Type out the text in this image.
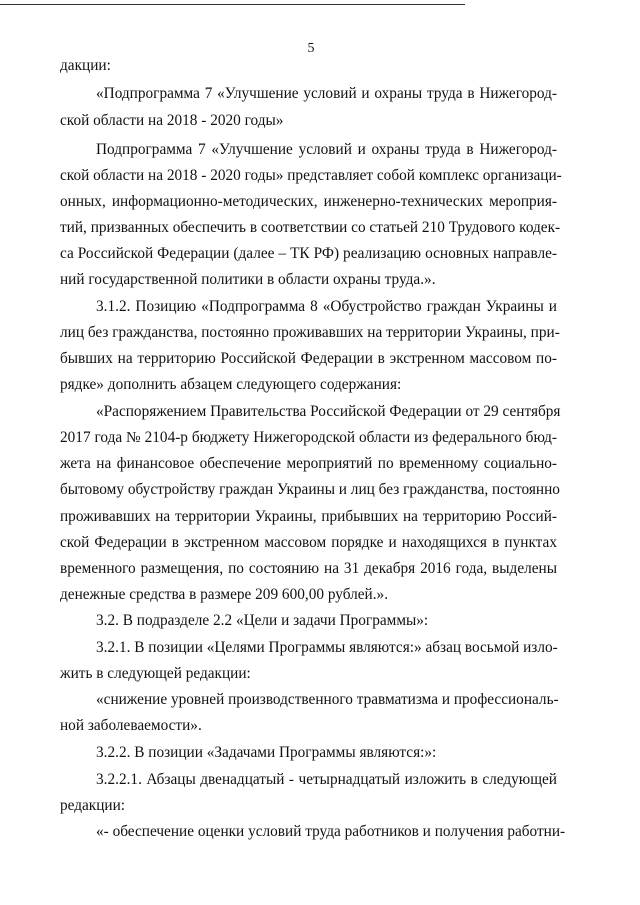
5
дакции:
«Подпрограмма 7 «Улучшение условий и охраны труда в Нижегород-
ской области на 2018 - 2020 годы»
Подпрограмма 7 «Улучшение условий и охраны труда в Нижегород-
ской области на 2018 - 2020 годы» представляет собой комплекс организаци-
онных, информационно-методических, инженерно-технических мероприя-
тий, призванных обеспечить в соответствии со статьей 210 Трудового кодек-
са Российской Федерации (далее – ТК РФ) реализацию основных направле-
ний государственной политики в области охраны труда.».
3.1.2. Позицию «Подпрограмма 8 «Обустройство граждан Украины и
лиц без гражданства, постоянно проживавших на территории Украины, при-
бывших на территорию Российской Федерации в экстренном массовом по-
рядке» дополнить абзацем следующего содержания:
«Распоряжением Правительства Российской Федерации от 29 сентября
2017 года № 2104-р бюджету Нижегородской области из федерального бюд-
жета на финансовое обеспечение мероприятий по временному социально-
бытовому обустройству граждан Украины и лиц без гражданства, постоянно
проживавших на территории Украины, прибывших на территорию Россий-
ской Федерации в экстренном массовом порядке и находящихся в пунктах
временного размещения, по состоянию на 31 декабря 2016 года, выделены
денежные средства в размере 209 600,00 рублей.».
3.2. В подразделе 2.2 «Цели и задачи Программы»:
3.2.1. В позиции «Целями Программы являются:» абзац восьмой изло-
жить в следующей редакции:
«снижение уровней производственного травматизма и профессиональ-
ной заболеваемости».
3.2.2. В позиции «Задачами Программы являются:»:
3.2.2.1. Абзацы двенадцатый - четырнадцатый изложить в следующей
редакции:
«- обеспечение оценки условий труда работников и получения работни-
